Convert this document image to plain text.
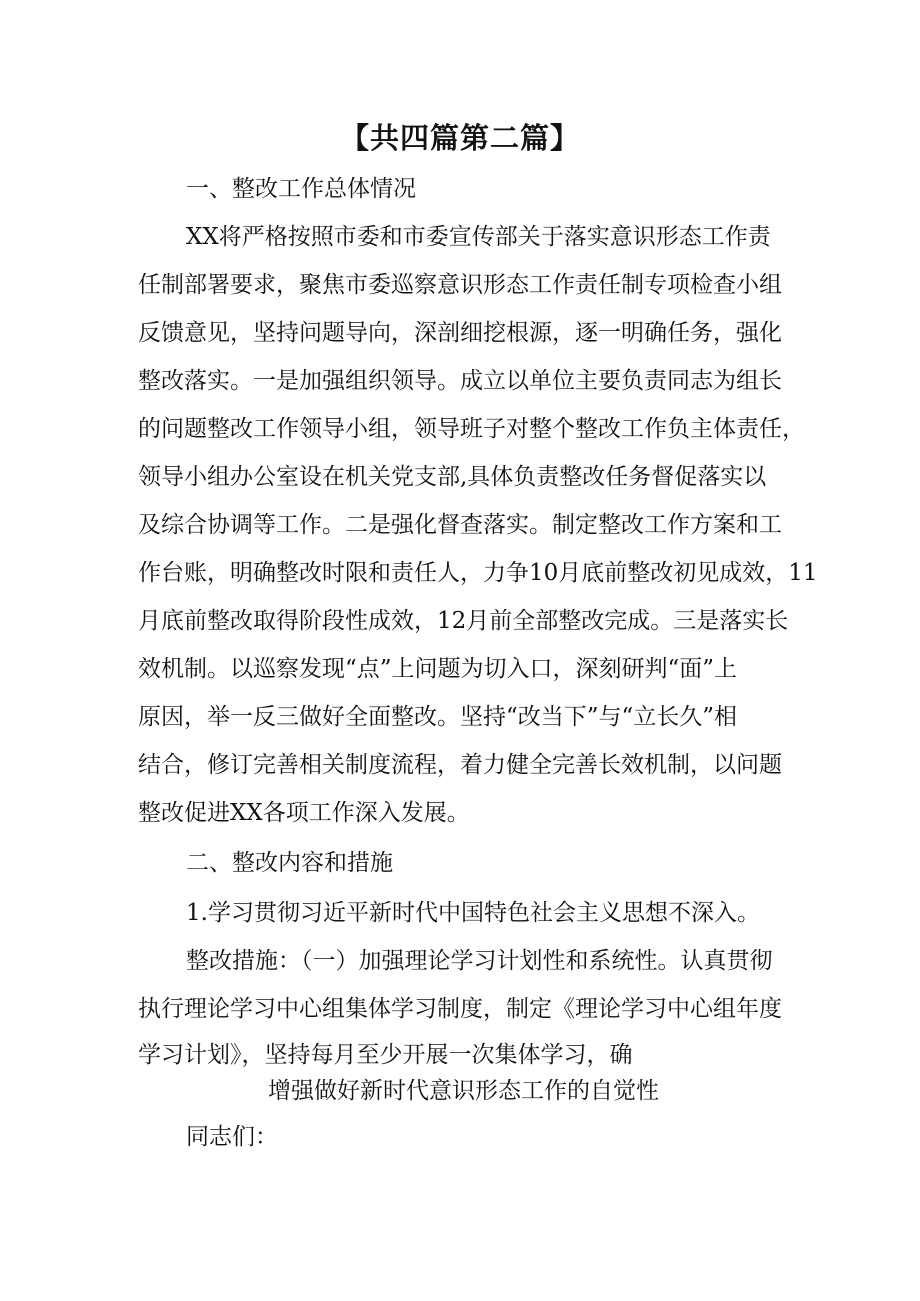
【共四篇第二篇】
一、整改工作总体情况
XX将严格按照市委和市委宣传部关于落实意识形态工作责
任制部署要求，聚焦市委巡察意识形态工作责任制专项检查小组
反馈意见，坚持问题导向，深剖细挖根源，逐一明确任务，强化
整改落实。一是加强组织领导。成立以单位主要负责同志为组长
的问题整改工作领导小组，领导班子对整个整改工作负主体责任，
领导小组办公室设在机关党支部,具体负责整改任务督促落实以
及综合协调等工作。二是强化督查落实。制定整改工作方案和工
作台账，明确整改时限和责任人，力争10月底前整改初见成效，11
月底前整改取得阶段性成效，12月前全部整改完成。三是落实长
效机制。以巡察发现“点”上问题为切入口，深刻研判“面”上
原因，举一反三做好全面整改。坚持“改当下”与“立长久”相
结合，修订完善相关制度流程，着力健全完善长效机制，以问题
整改促进XX各项工作深入发展。
二、整改内容和措施
1.学习贯彻习近平新时代中国特色社会主义思想不深入。
整改措施：（一）加强理论学习计划性和系统性。认真贯彻
执行理论学习中心组集体学习制度，制定《理论学习中心组年度
学习计划》，坚持每月至少开展一次集体学习，确
增强做好新时代意识形态工作的自觉性
同志们：
